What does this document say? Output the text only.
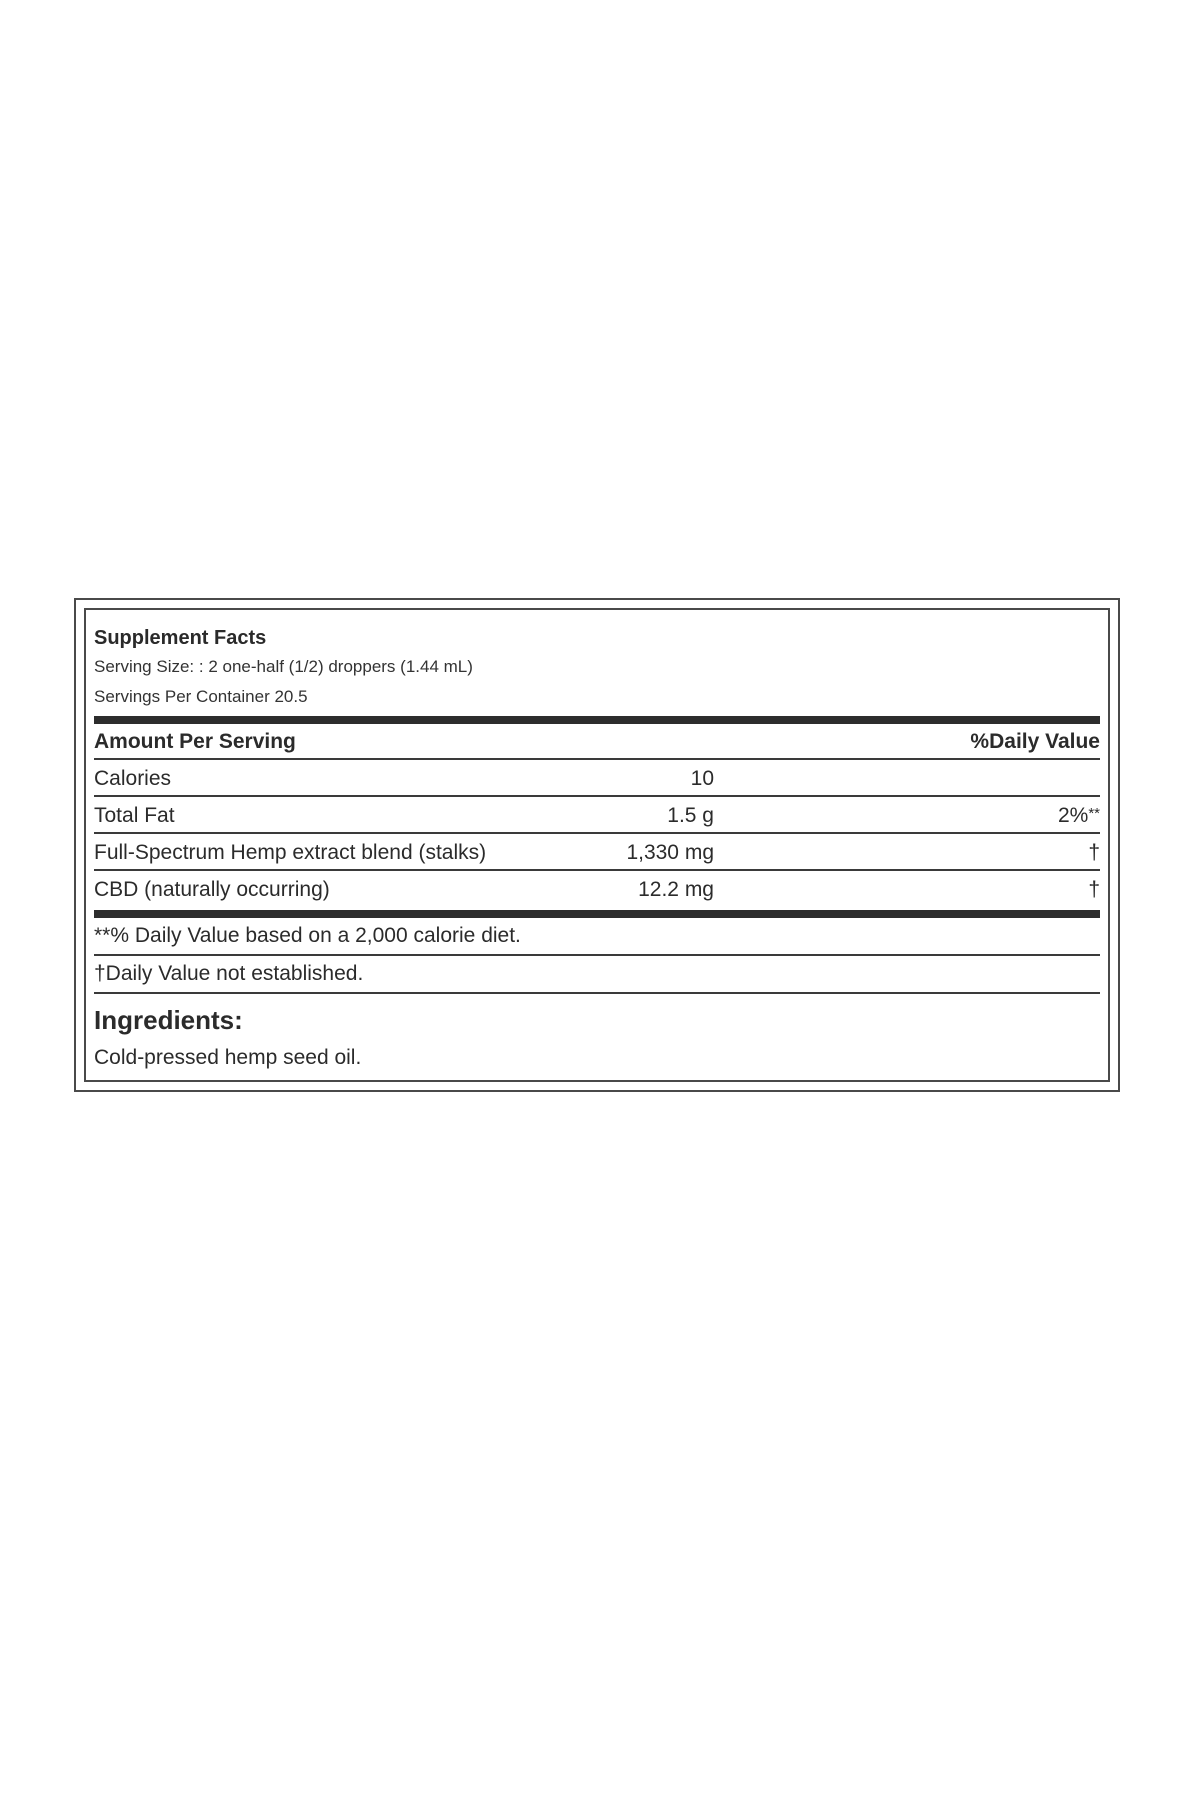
Supplement Facts
Serving Size: : 2 one-half (1/2) droppers (1.44 mL)
Servings Per Container 20.5
Amount Per Serving	%Daily Value
Calories	10
Total Fat	1.5 g	2%**
Full-Spectrum Hemp extract blend (stalks)	1,330 mg	†
CBD (naturally occurring)	12.2 mg	†
**% Daily Value based on a 2,000 calorie diet.
†Daily Value not established.
Ingredients:
Cold-pressed hemp seed oil.
